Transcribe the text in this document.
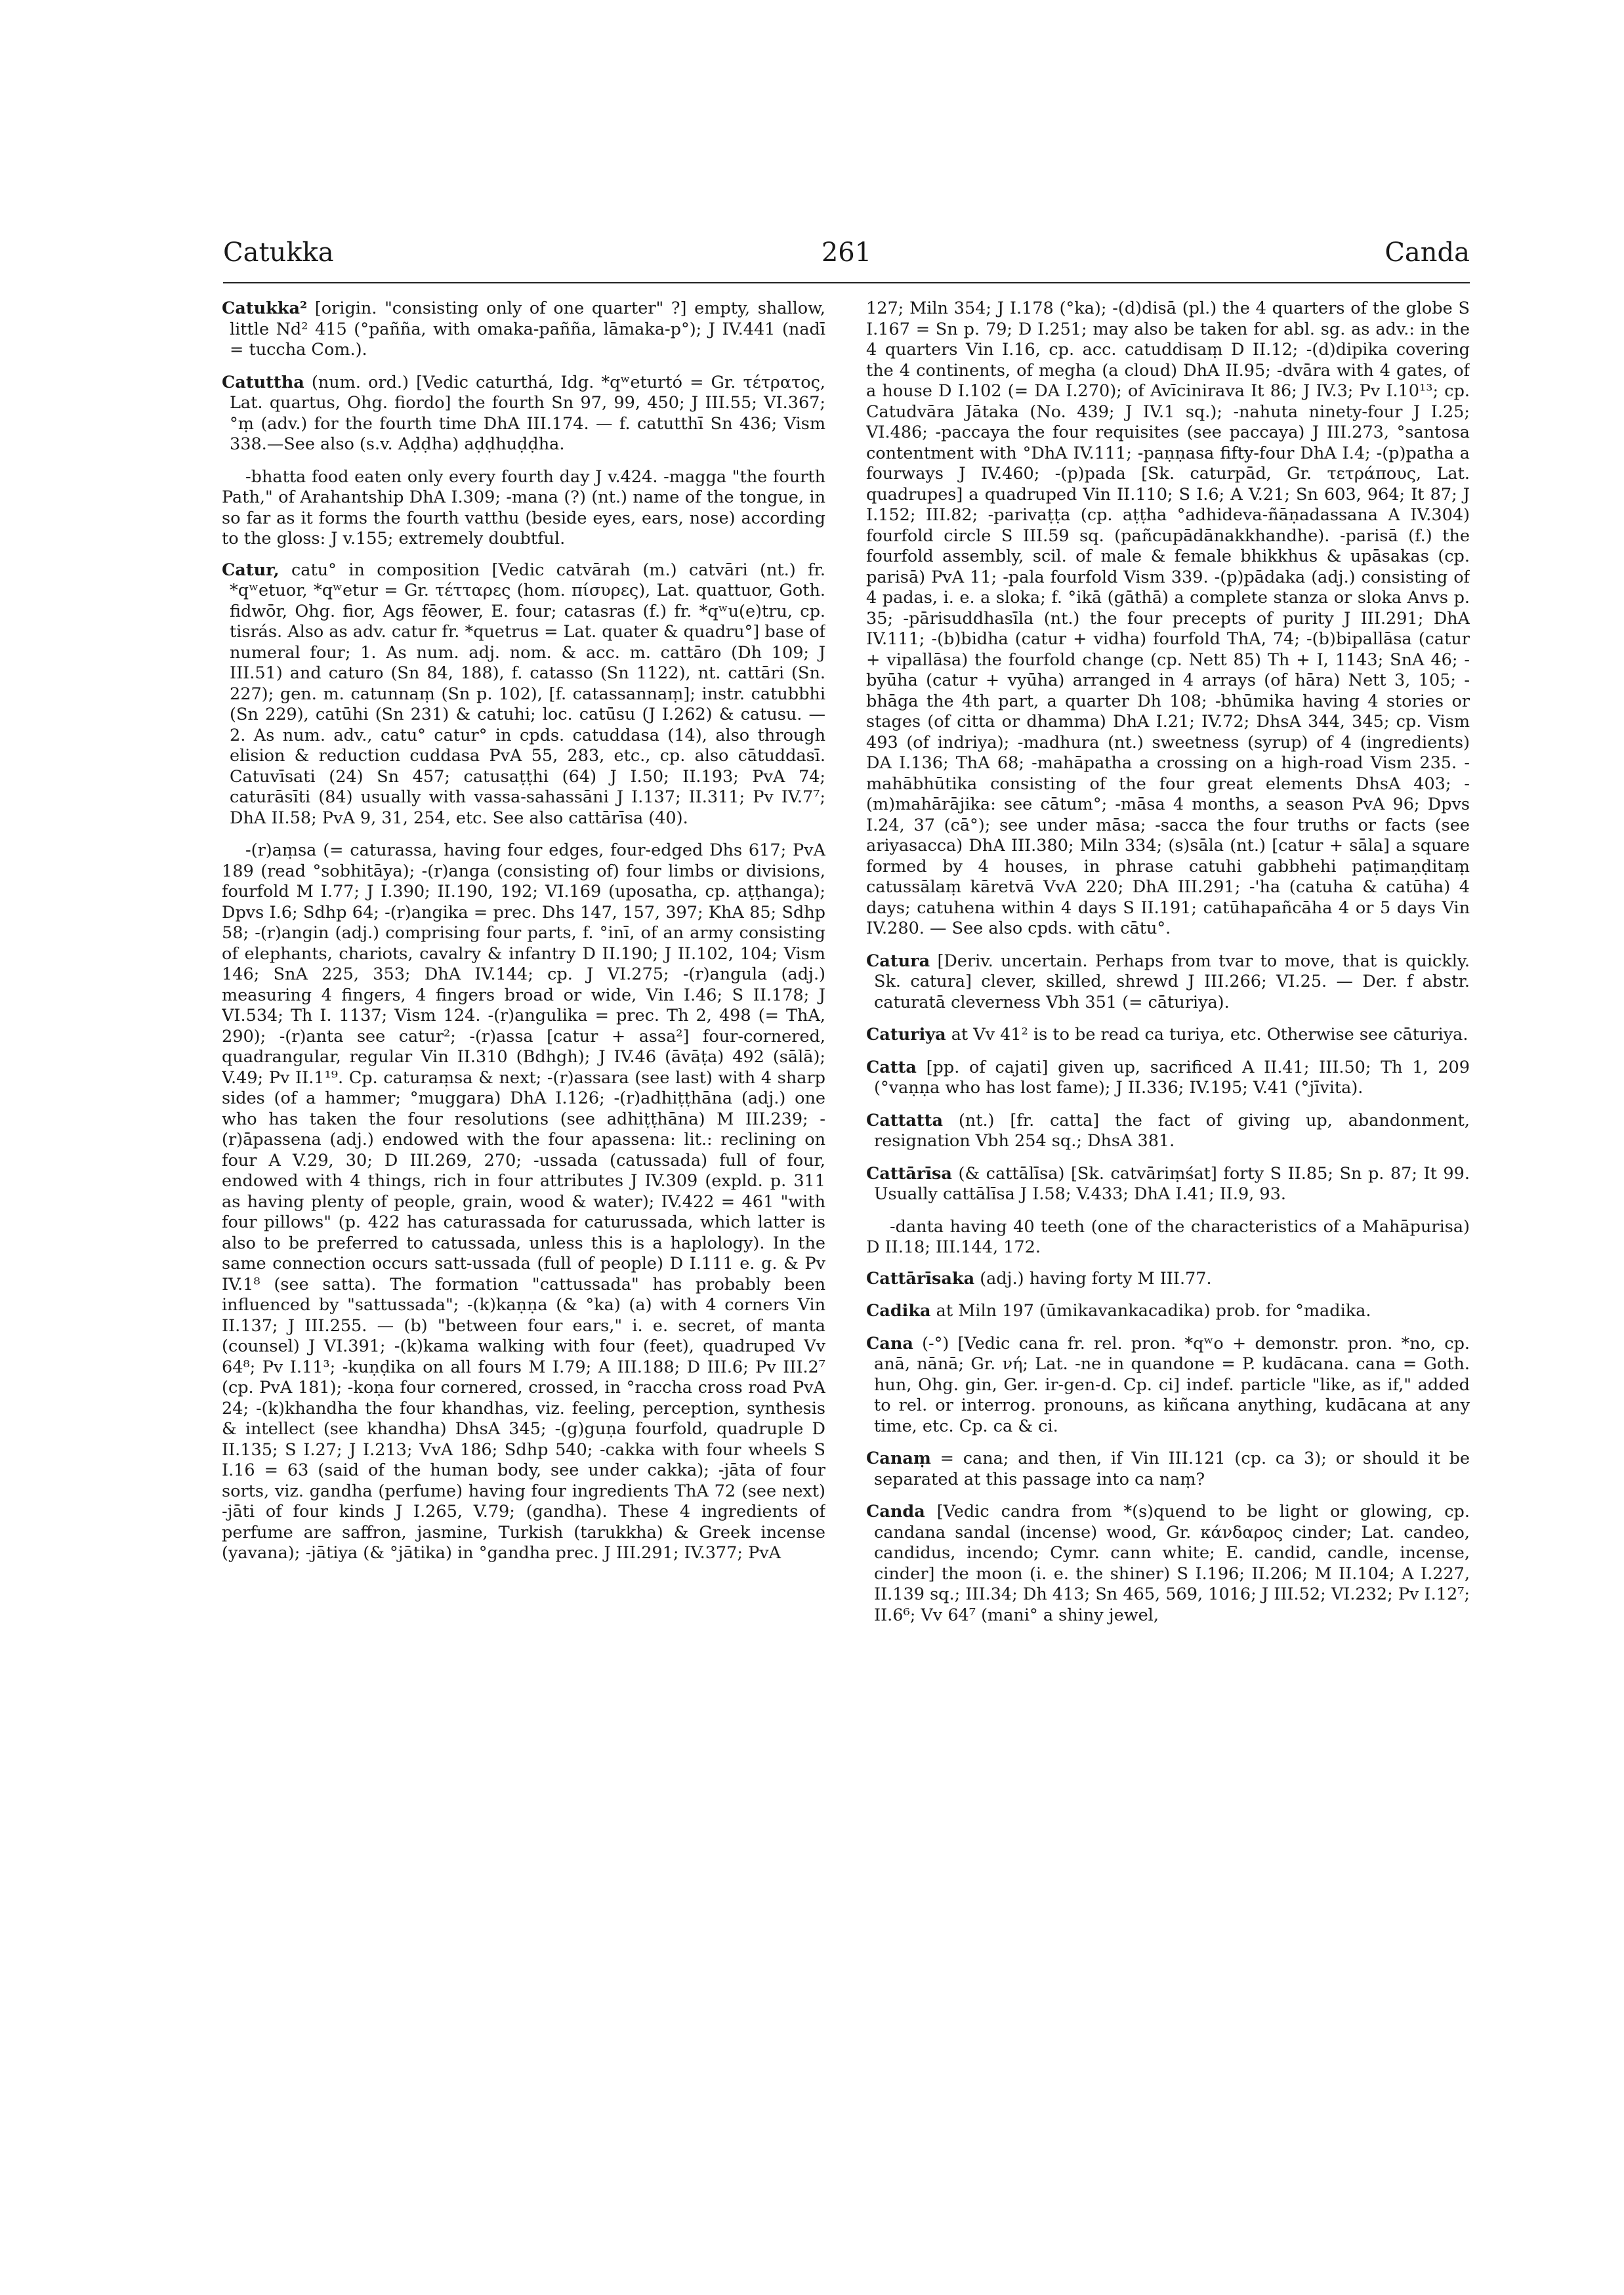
Catukka	261	Canda

Catukka² [origin. "consisting only of one quarter" ?] empty, shallow, little Nd² 415 (°pañña, with omaka-pañña, lāmaka-p°); J IV.441 (nadī = tuccha Com.).

Catuttha (num. ord.) [Vedic caturthá, Idg. *qʷeturtó = Gr. τέτρατος, Lat. quartus, Ohg. fiordo] the fourth Sn 97, 99, 450; J III.55; VI.367; °ṃ (adv.) for the fourth time DhA III.174. — f. catutthī Sn 436; Vism 338.—See also (s.v. Aḍḍha) aḍḍhuḍḍha.

-bhatta food eaten only every fourth day J v.424. -magga "the fourth Path," of Arahantship DhA I.309; -mana (?) (nt.) name of the tongue, in so far as it forms the fourth vatthu (beside eyes, ears, nose) according to the gloss: J v.155; extremely doubtful.

Catur, catu° in composition [Vedic catvārah (m.) catvāri (nt.) fr. *qʷetuor, *qʷetur = Gr. τέτταρες (hom. πίσυρες), Lat. quattuor, Goth. fidwōr, Ohg. fior, Ags fēower, E. four; catasras (f.) fr. *qʷu(e)tru, cp. tisrás. Also as adv. catur fr. *quetrus = Lat. quater & quadru°] base of numeral four; 1. As num. adj. nom. & acc. m. cattāro (Dh 109; J III.51) and caturo (Sn 84, 188), f. catasso (Sn 1122), nt. cattāri (Sn. 227); gen. m. catunnaṃ (Sn p. 102), [f. catassannaṃ]; instr. catubbhi (Sn 229), catūhi (Sn 231) & catuhi; loc. catūsu (J I.262) & catusu. — 2. As num. adv., catu° catur° in cpds. catuddasa (14), also through elision & reduction cuddasa PvA 55, 283, etc., cp. also cātuddasī. Catuvīsati (24) Sn 457; catusaṭṭhi (64) J I.50; II.193; PvA 74; caturāsīti (84) usually with vassa-sahassāni J I.137; II.311; Pv IV.7⁷; DhA II.58; PvA 9, 31, 254, etc. See also cattārīsa (40).

-(r)aṃsa (= caturassa, having four edges, four-edged Dhs 617; PvA 189 (read °sobhitāya); -(r)anga (consisting of) four limbs or divisions, fourfold M I.77; J I.390; II.190, 192; VI.169 (uposatha, cp. aṭṭhanga); Dpvs I.6; Sdhp 64; -(r)angika = prec. Dhs 147, 157, 397; KhA 85; Sdhp 58; -(r)angin (adj.) comprising four parts, f. °inī, of an army consisting of elephants, chariots, cavalry & infantry D II.190; J II.102, 104; Vism 146; SnA 225, 353; DhA IV.144; cp. J VI.275; -(r)angula (adj.) measuring 4 fingers, 4 fingers broad or wide, Vin I.46; S II.178; J VI.534; Th I. 1137; Vism 124. -(r)angulika = prec. Th 2, 498 (= ThA, 290); -(r)anta see catur²; -(r)assa [catur + assa²] four-cornered, quadrangular, regular Vin II.310 (Bdhgh); J IV.46 (āvāṭa) 492 (sālā); V.49; Pv II.1¹⁹. Cp. caturaṃsa & next; -(r)assara (see last) with 4 sharp sides (of a hammer; °muggara) DhA I.126; -(r)adhiṭṭhāna (adj.) one who has taken the four resolutions (see adhiṭṭhāna) M III.239; -(r)āpassena (adj.) endowed with the four apassena: lit.: reclining on four A V.29, 30; D III.269, 270; -ussada (catussada) full of four, endowed with 4 things, rich in four attributes J IV.309 (expld. p. 311 as having plenty of people, grain, wood & water); IV.422 = 461 "with four pillows" (p. 422 has caturassada for caturussada, which latter is also to be preferred to catussada, unless this is a haplology). In the same connection occurs satt-ussada (full of people) D I.111 e. g. & Pv IV.1⁸ (see satta). The formation "cattussada" has probably been influenced by "sattussada"; -(k)kaṇṇa (& °ka) (a) with 4 corners Vin II.137; J III.255. — (b) "between four ears," i. e. secret, of manta (counsel) J VI.391; -(k)kama walking with four (feet), quadruped Vv 64⁸; Pv I.11³; -kuṇḍika on all fours M I.79; A III.188; D III.6; Pv III.2⁷ (cp. PvA 181); -koṇa four cornered, crossed, in °raccha cross road PvA 24; -(k)khandha the four khandhas, viz. feeling, perception, synthesis & intellect (see khandha) DhsA 345; -(g)guṇa fourfold, quadruple D II.135; S I.27; J I.213; VvA 186; Sdhp 540; -cakka with four wheels S I.16 = 63 (said of the human body, see under cakka); -jāta of four sorts, viz. gandha (perfume) having four ingredients ThA 72 (see next) -jāti of four kinds J I.265, V.79; (gandha). These 4 ingredients of perfume are saffron, jasmine, Turkish (tarukkha) & Greek incense (yavana); -jātiya (& °jātika) in °gandha prec. J III.291; IV.377; PvA

127; Miln 354; J I.178 (°ka); -(d)disā (pl.) the 4 quarters of the globe S I.167 = Sn p. 79; D I.251; may also be taken for abl. sg. as adv.: in the 4 quarters Vin I.16, cp. acc. catuddisaṃ D II.12; -(d)dipika covering the 4 continents, of megha (a cloud) DhA II.95; -dvāra with 4 gates, of a house D I.102 (= DA I.270); of Avīcinirava It 86; J IV.3; Pv I.10¹³; cp. Catudvāra Jātaka (No. 439; J IV.1 sq.); -nahuta ninety-four J I.25; VI.486; -paccaya the four requisites (see paccaya) J III.273, °santosa contentment with °DhA IV.111; -paṇṇasa fifty-four DhA I.4; -(p)patha a fourways J IV.460; -(p)pada [Sk. caturpād, Gr. τετράπους, Lat. quadrupes] a quadruped Vin II.110; S I.6; A V.21; Sn 603, 964; It 87; J I.152; III.82; -parivaṭṭa (cp. aṭṭha °adhideva-ñāṇadassana A IV.304) fourfold circle S III.59 sq. (pañcupādānakkhandhe). -parisā (f.) the fourfold assembly, scil. of male & female bhikkhus & upāsakas (cp. parisā) PvA 11; -pala fourfold Vism 339. -(p)pādaka (adj.) consisting of 4 padas, i. e. a sloka; f. °ikā (gāthā) a complete stanza or sloka Anvs p. 35; -pārisuddhasīla (nt.) the four precepts of purity J III.291; DhA IV.111; -(b)bidha (catur + vidha) fourfold ThA, 74; -(b)bipallāsa (catur + vipallāsa) the fourfold change (cp. Nett 85) Th + I, 1143; SnA 46; -byūha (catur + vyūha) arranged in 4 arrays (of hāra) Nett 3, 105; -bhāga the 4th part, a quarter Dh 108; -bhūmika having 4 stories or stages (of citta or dhamma) DhA I.21; IV.72; DhsA 344, 345; cp. Vism 493 (of indriya); -madhura (nt.) sweetness (syrup) of 4 (ingredients) DA I.136; ThA 68; -mahāpatha a crossing on a high-road Vism 235. -mahābhūtika consisting of the four great elements DhsA 403; -(m)mahārājika: see cātum°; -māsa 4 months, a season PvA 96; Dpvs I.24, 37 (cā°); see under māsa; -sacca the four truths or facts (see ariyasacca) DhA III.380; Miln 334; (s)sāla (nt.) [catur + sāla] a square formed by 4 houses, in phrase catuhi gabbhehi paṭimaṇḍitaṃ catussālaṃ kāretvā VvA 220; DhA III.291; -'ha (catuha & catūha) 4 days; catuhena within 4 days S II.191; catūhapañcāha 4 or 5 days Vin IV.280. — See also cpds. with cātu°.

Catura [Deriv. uncertain. Perhaps from tvar to move, that is quickly. Sk. catura] clever, skilled, shrewd J III.266; VI.25. — Der. f abstr. caturatā cleverness Vbh 351 (= cāturiya).

Caturiya at Vv 41² is to be read ca turiya, etc. Otherwise see cāturiya.

Catta [pp. of cajati] given up, sacrificed A II.41; III.50; Th 1, 209 (°vaṇṇa who has lost fame); J II.336; IV.195; V.41 (°jīvita).

Cattatta (nt.) [fr. catta] the fact of giving up, abandonment, resignation Vbh 254 sq.; DhsA 381.

Cattārīsa (& cattālīsa) [Sk. catvāriṃśat] forty S II.85; Sn p. 87; It 99. Usually cattālīsa J I.58; V.433; DhA I.41; II.9, 93.

-danta having 40 teeth (one of the characteristics of a Mahāpurisa) D II.18; III.144, 172.

Cattārīsaka (adj.) having forty M III.77.

Cadika at Miln 197 (ūmikavankacadika) prob. for °madika.

Cana (-°) [Vedic cana fr. rel. pron. *qʷo + demonstr. pron. *no, cp. anā, nānā; Gr. νή; Lat. -ne in quandone = P. kudācana. cana = Goth. hun, Ohg. gin, Ger. ir-gen-d. Cp. ci] indef. particle "like, as if," added to rel. or interrog. pronouns, as kiñcana anything, kudācana at any time, etc. Cp. ca & ci.

Canaṃ = cana; and then, if Vin III.121 (cp. ca 3); or should it be separated at this passage into ca naṃ?

Canda [Vedic candra from *(s)quend to be light or glowing, cp. candana sandal (incense) wood, Gr. κάνδαρος cinder; Lat. candeo, candidus, incendo; Cymr. cann white; E. candid, candle, incense, cinder] the moon (i. e. the shiner) S I.196; II.206; M II.104; A I.227, II.139 sq.; III.34; Dh 413; Sn 465, 569, 1016; J III.52; VI.232; Pv I.12⁷; II.6⁶; Vv 64⁷ (mani° a shiny jewel,
